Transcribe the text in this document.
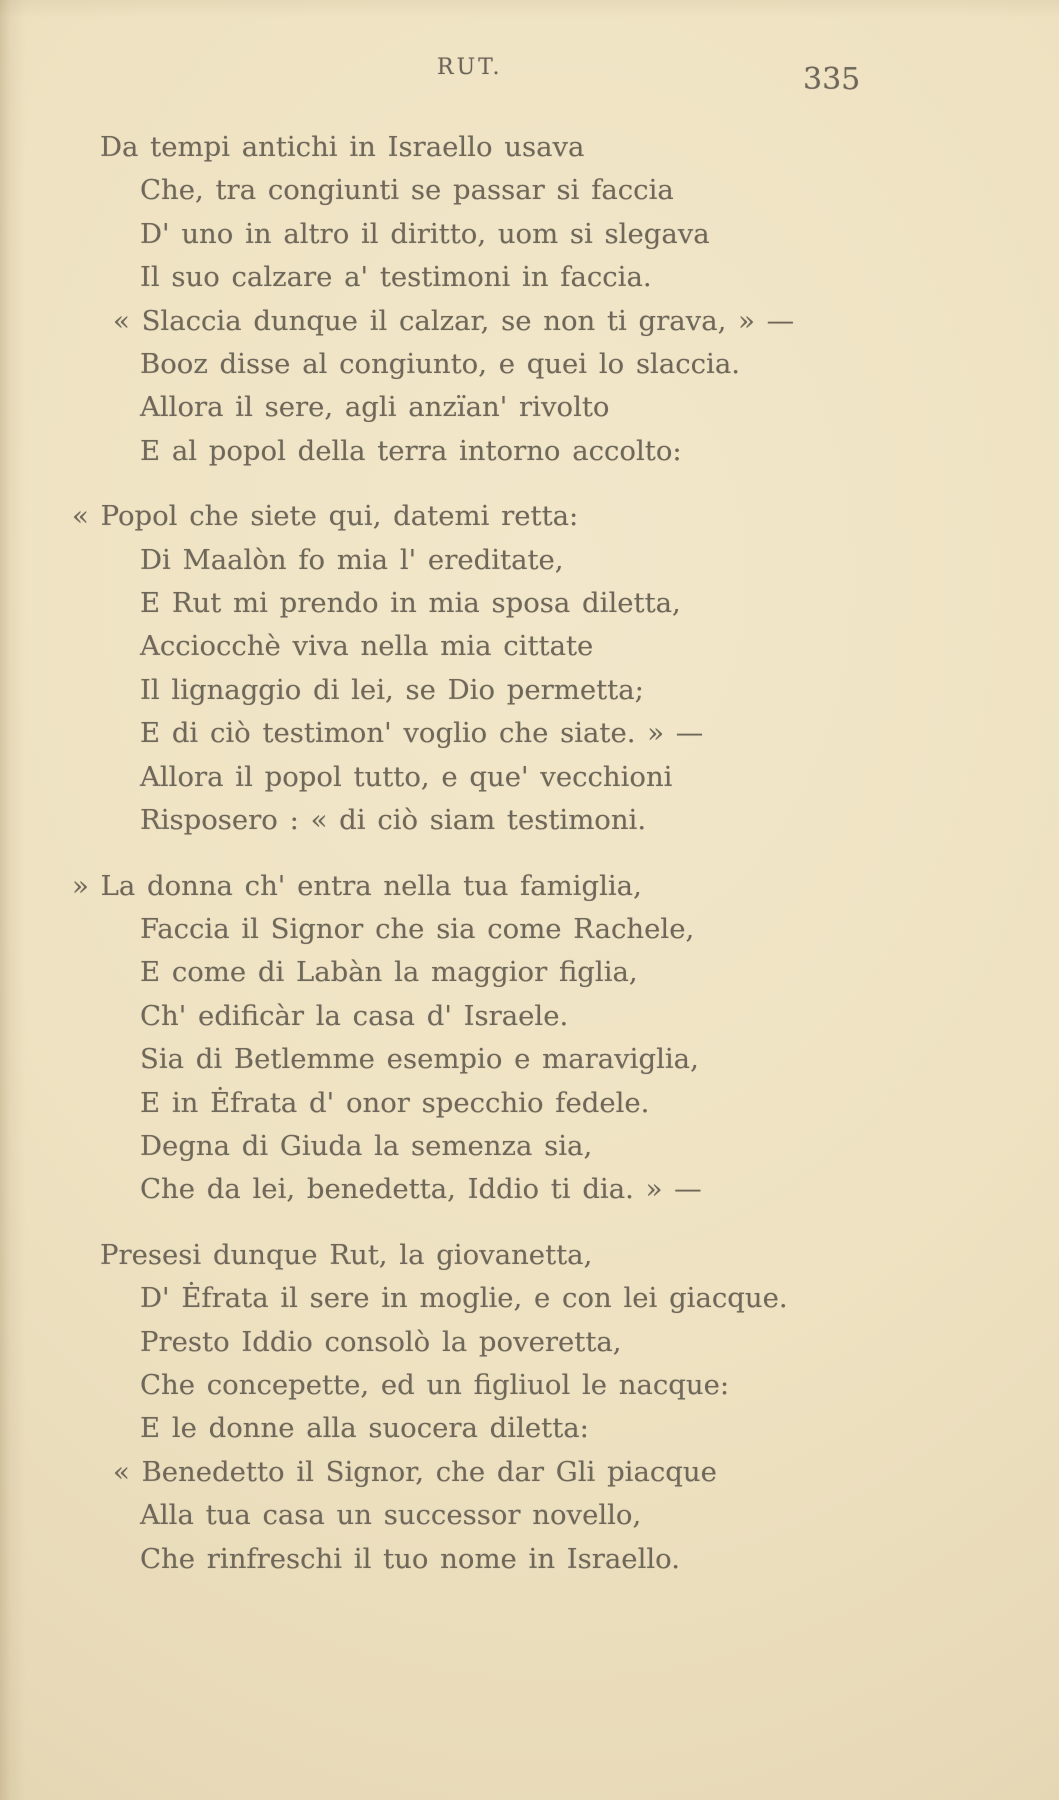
RUT.	335
Da tempi antichi in Israello usava
Che, tra congiunti se passar si faccia
D' uno in altro il diritto, uom si slegava
Il suo calzare a' testimoni in faccia.
« Slaccia dunque il calzar, se non ti grava, » —
Booz disse al congiunto, e quei lo slaccia.
Allora il sere, agli anzïan' rivolto
E al popol della terra intorno accolto:
« Popol che siete qui, datemi retta:
Di Maalòn fo mia l' ereditate,
E Rut mi prendo in mia sposa diletta,
Acciocchè viva nella mia cittate
Il lignaggio di lei, se Dio permetta;
E di ciò testimon' voglio che siate. » —
Allora il popol tutto, e que' vecchioni
Risposero : « di ciò siam testimoni.
» La donna ch' entra nella tua famiglia,
Faccia il Signor che sia come Rachele,
E come di Labàn la maggior figlia,
Ch' edificàr la casa d' Israele.
Sia di Betlemme esempio e maraviglia,
E in Ėfrata d' onor specchio fedele.
Degna di Giuda la semenza sia,
Che da lei, benedetta, Iddio ti dia. » —
Presesi dunque Rut, la giovanetta,
D' Ėfrata il sere in moglie, e con lei giacque.
Presto Iddio consolò la poveretta,
Che concepette, ed un figliuol le nacque:
E le donne alla suocera diletta:
« Benedetto il Signor, che dar Gli piacque
Alla tua casa un successor novello,
Che rinfreschi il tuo nome in Israello.
